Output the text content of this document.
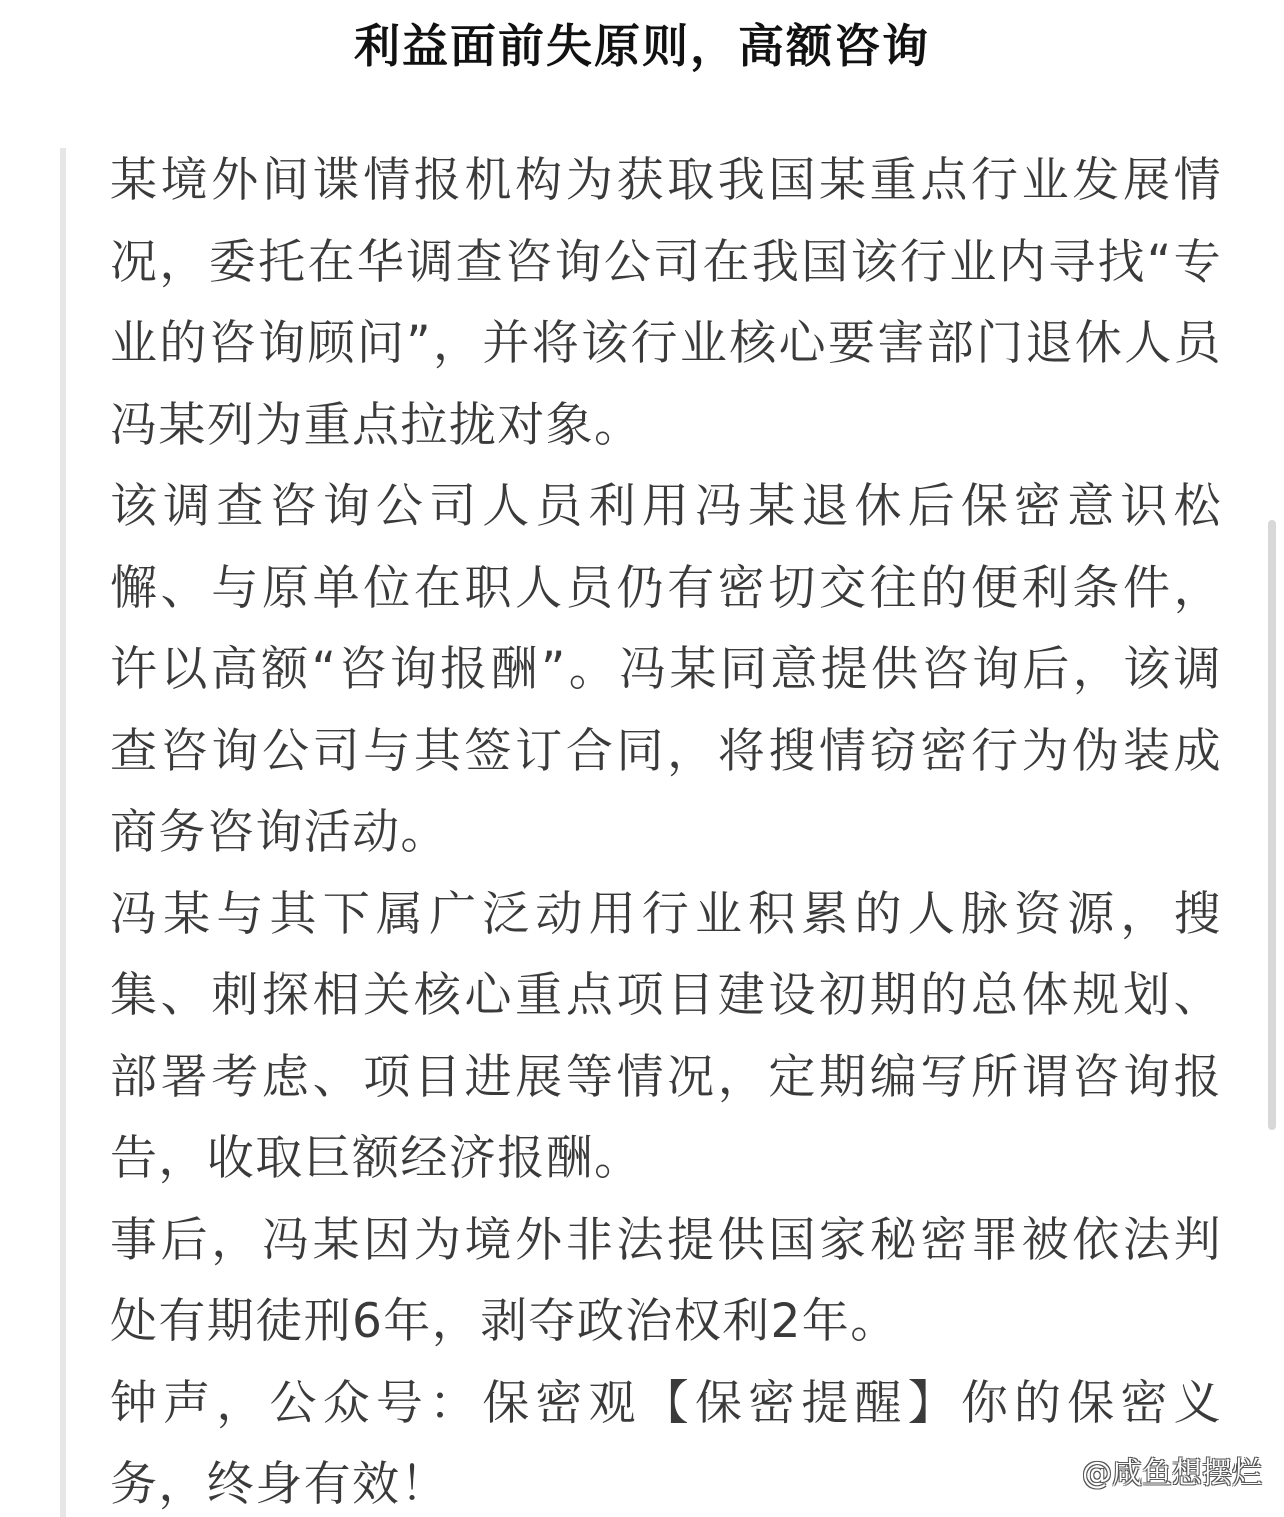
利益面前失原则，高额咨询

某境外间谍情报机构为获取我国某重点行业发展情况，委托在华调查咨询公司在我国该行业内寻找“专业的咨询顾问”，并将该行业核心要害部门退休人员冯某列为重点拉拢对象。

该调查咨询公司人员利用冯某退休后保密意识松懈、与原单位在职人员仍有密切交往的便利条件，许以高额“咨询报酬”。冯某同意提供咨询后，该调查咨询公司与其签订合同，将搜情窃密行为伪装成商务咨询活动。

冯某与其下属广泛动用行业积累的人脉资源，搜集、刺探相关核心重点项目建设初期的总体规划、部署考虑、项目进展等情况，定期编写所谓咨询报告，收取巨额经济报酬。

事后，冯某因为境外非法提供国家秘密罪被依法判处有期徒刑6年，剥夺政治权利2年。

钟声，公众号：保密观【保密提醒】你的保密义务，终身有效！	@咸鱼想摆烂
